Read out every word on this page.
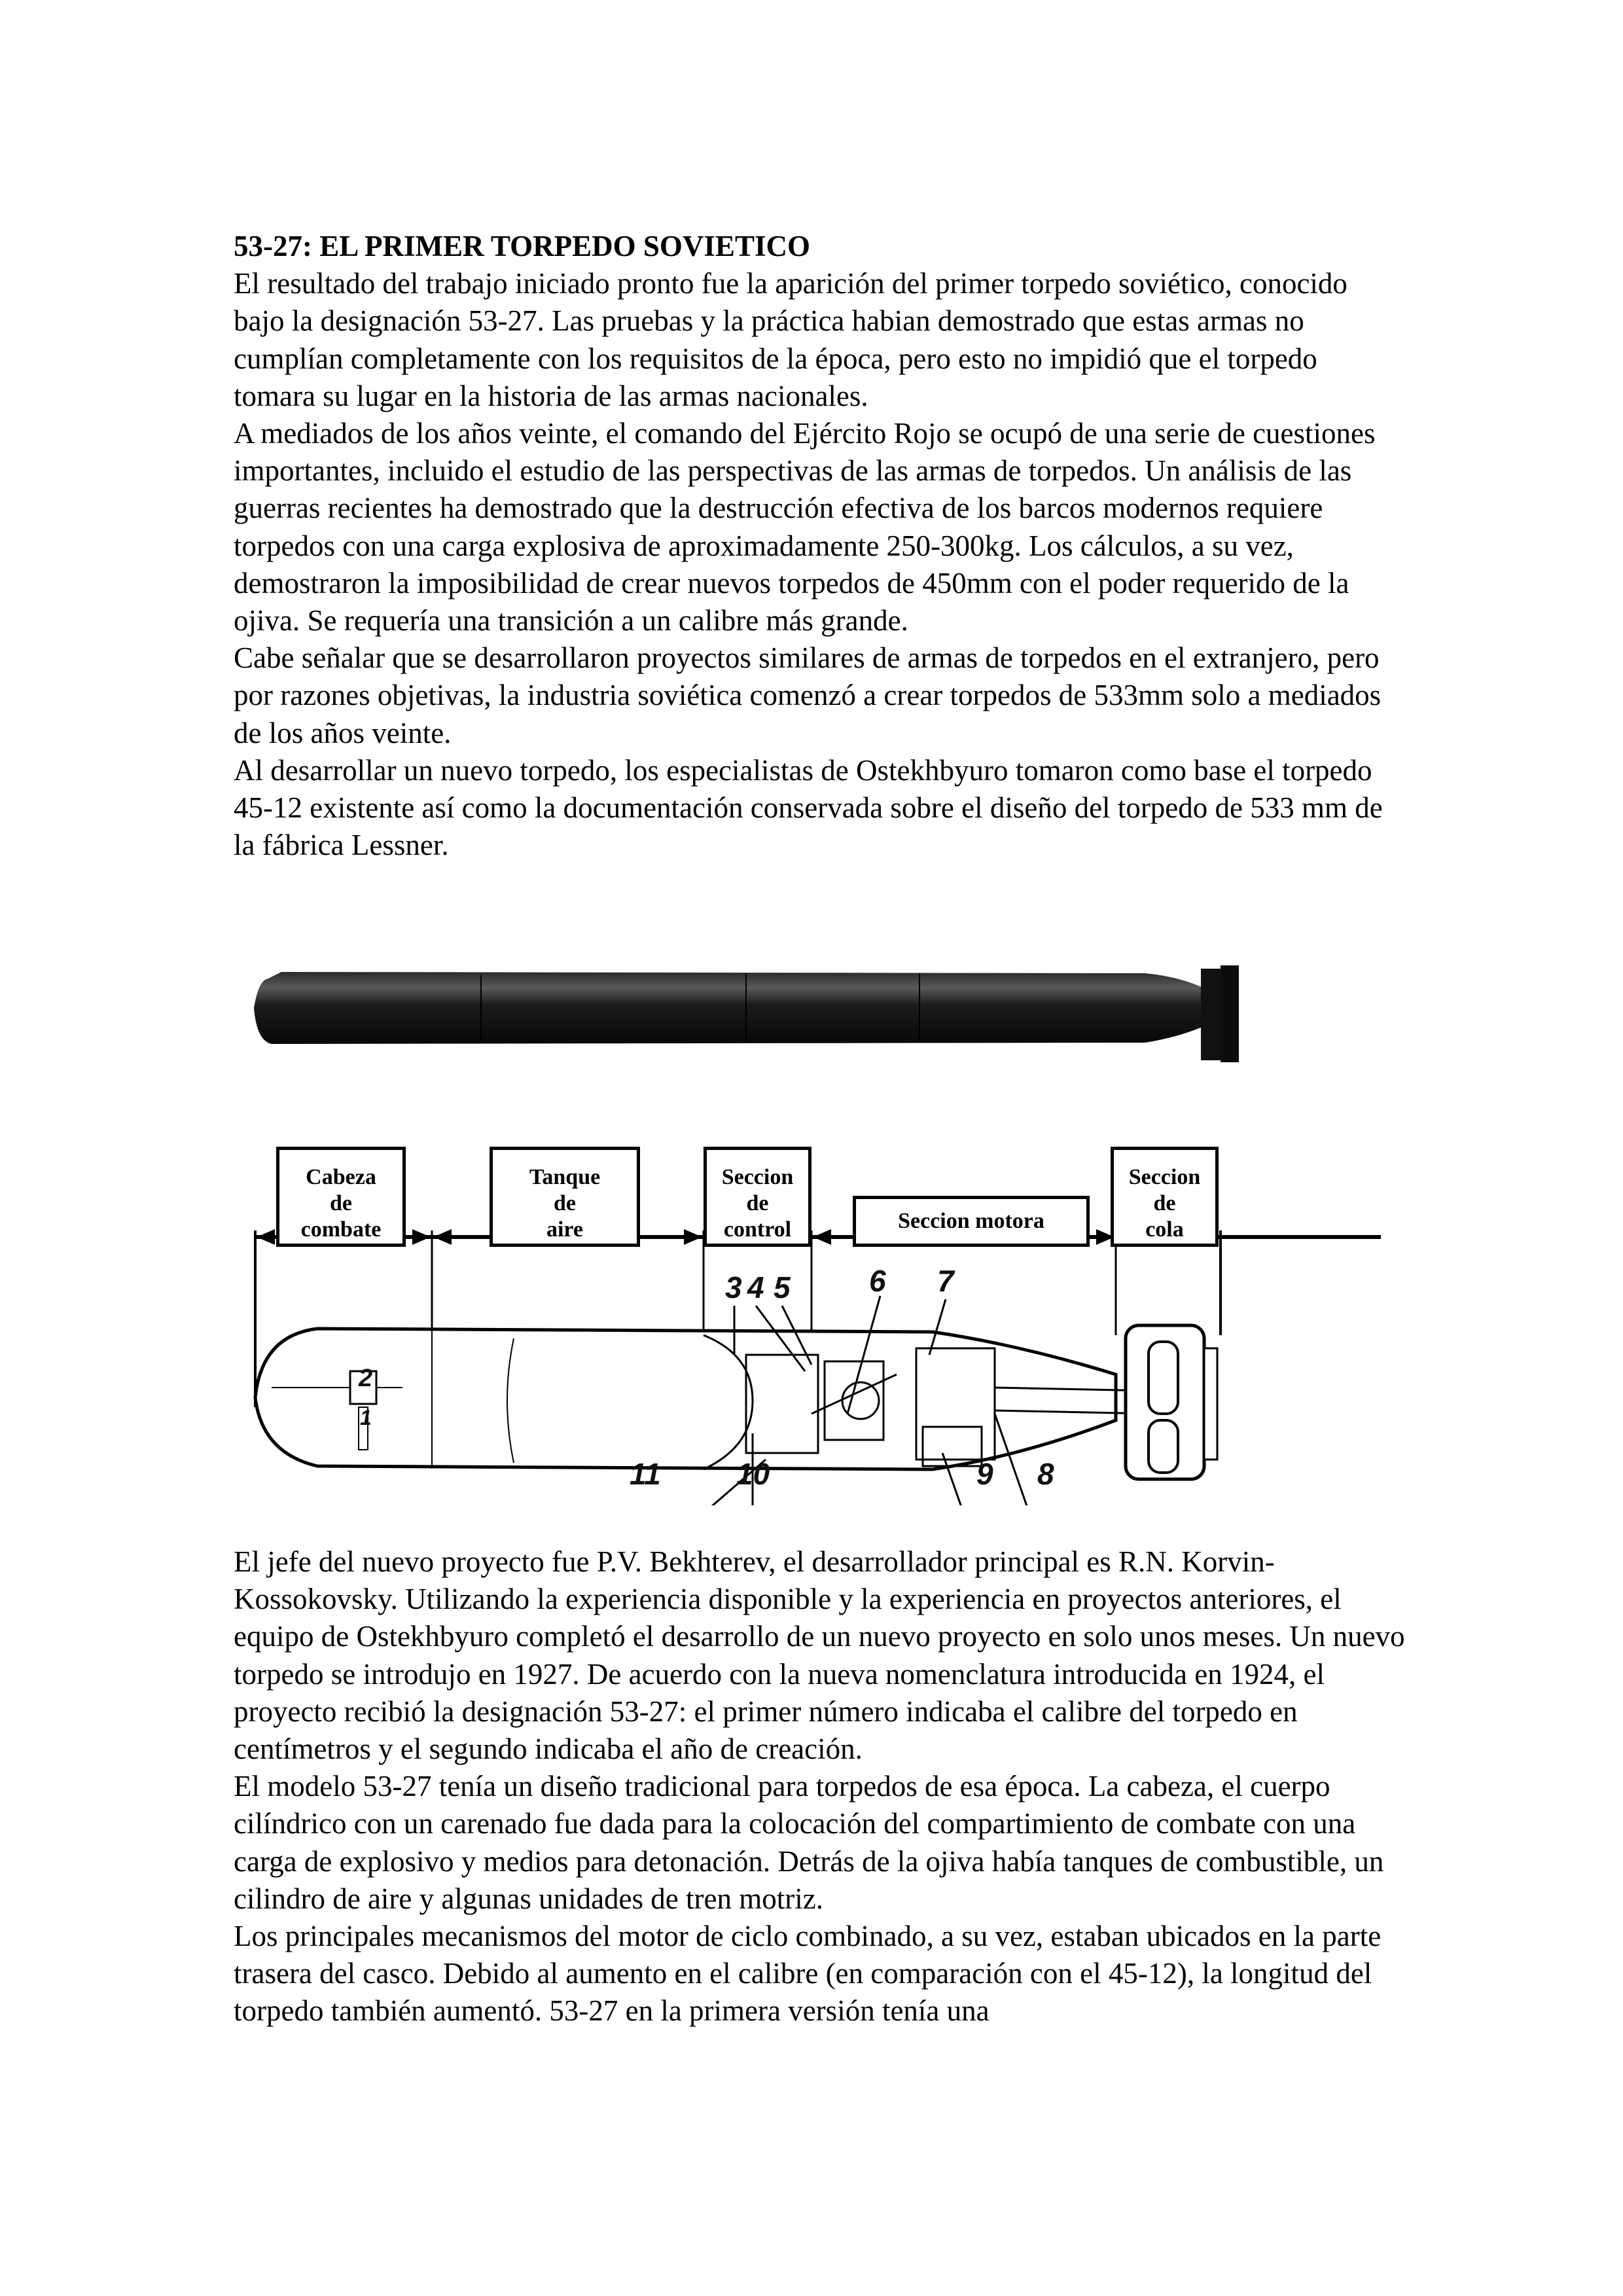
53-27: EL PRIMER TORPEDO SOVIETICO

El resultado del trabajo iniciado pronto fue la aparición del primer torpedo soviético, conocido bajo la designación 53-27. Las pruebas y la práctica habian demostrado que estas armas no cumplían completamente con los requisitos de la época, pero esto no impidió que el torpedo tomara su lugar en la historia de las armas nacionales.

A mediados de los años veinte, el comando del Ejército Rojo se ocupó de una serie de cuestiones importantes, incluido el estudio de las perspectivas de las armas de torpedos. Un análisis de las guerras recientes ha demostrado que la destrucción efectiva de los barcos modernos requiere torpedos con una carga explosiva de aproximadamente 250-300kg. Los cálculos, a su vez, demostraron la imposibilidad de crear nuevos torpedos de 450mm con el poder requerido de la ojiva. Se requería una transición a un calibre más grande.

Cabe señalar que se desarrollaron proyectos similares de armas de torpedos en el extranjero, pero por razones objetivas, la industria soviética comenzó a crear torpedos de 533mm solo a mediados de los años veinte.

Al desarrollar un nuevo torpedo, los especialistas de Ostekhbyuro tomaron como base el torpedo 45-12 existente así como la documentación conservada sobre el diseño del torpedo de 533 mm de la fábrica Lessner.

Cabeza
de
combate
Tanque
de
aire
Seccion
de
control	Seccion motora
Seccion
de
cola
2
1
3 4 5	6 7
8
9
10
11

El jefe del nuevo proyecto fue P.V. Bekhterev, el desarrollador principal es R.N. Korvin-Kossokovsky. Utilizando la experiencia disponible y la experiencia en proyectos anteriores, el equipo de Ostekhbyuro completó el desarrollo de un nuevo proyecto en solo unos meses. Un nuevo torpedo se introdujo en 1927. De acuerdo con la nueva nomenclatura introducida en 1924, el proyecto recibió la designación 53-27: el primer número indicaba el calibre del torpedo en centímetros y el segundo indicaba el año de creación.

El modelo 53-27 tenía un diseño tradicional para torpedos de esa época. La cabeza, el cuerpo cilíndrico con un carenado fue dada para la colocación del compartimiento de combate con una carga de explosivo y medios para detonación. Detrás de la ojiva había tanques de combustible, un cilindro de aire y algunas unidades de tren motriz.

Los principales mecanismos del motor de ciclo combinado, a su vez, estaban ubicados en la parte trasera del casco. Debido al aumento en el calibre (en comparación con el 45-12), la longitud del torpedo también aumentó. 53-27 en la primera versión tenía una
